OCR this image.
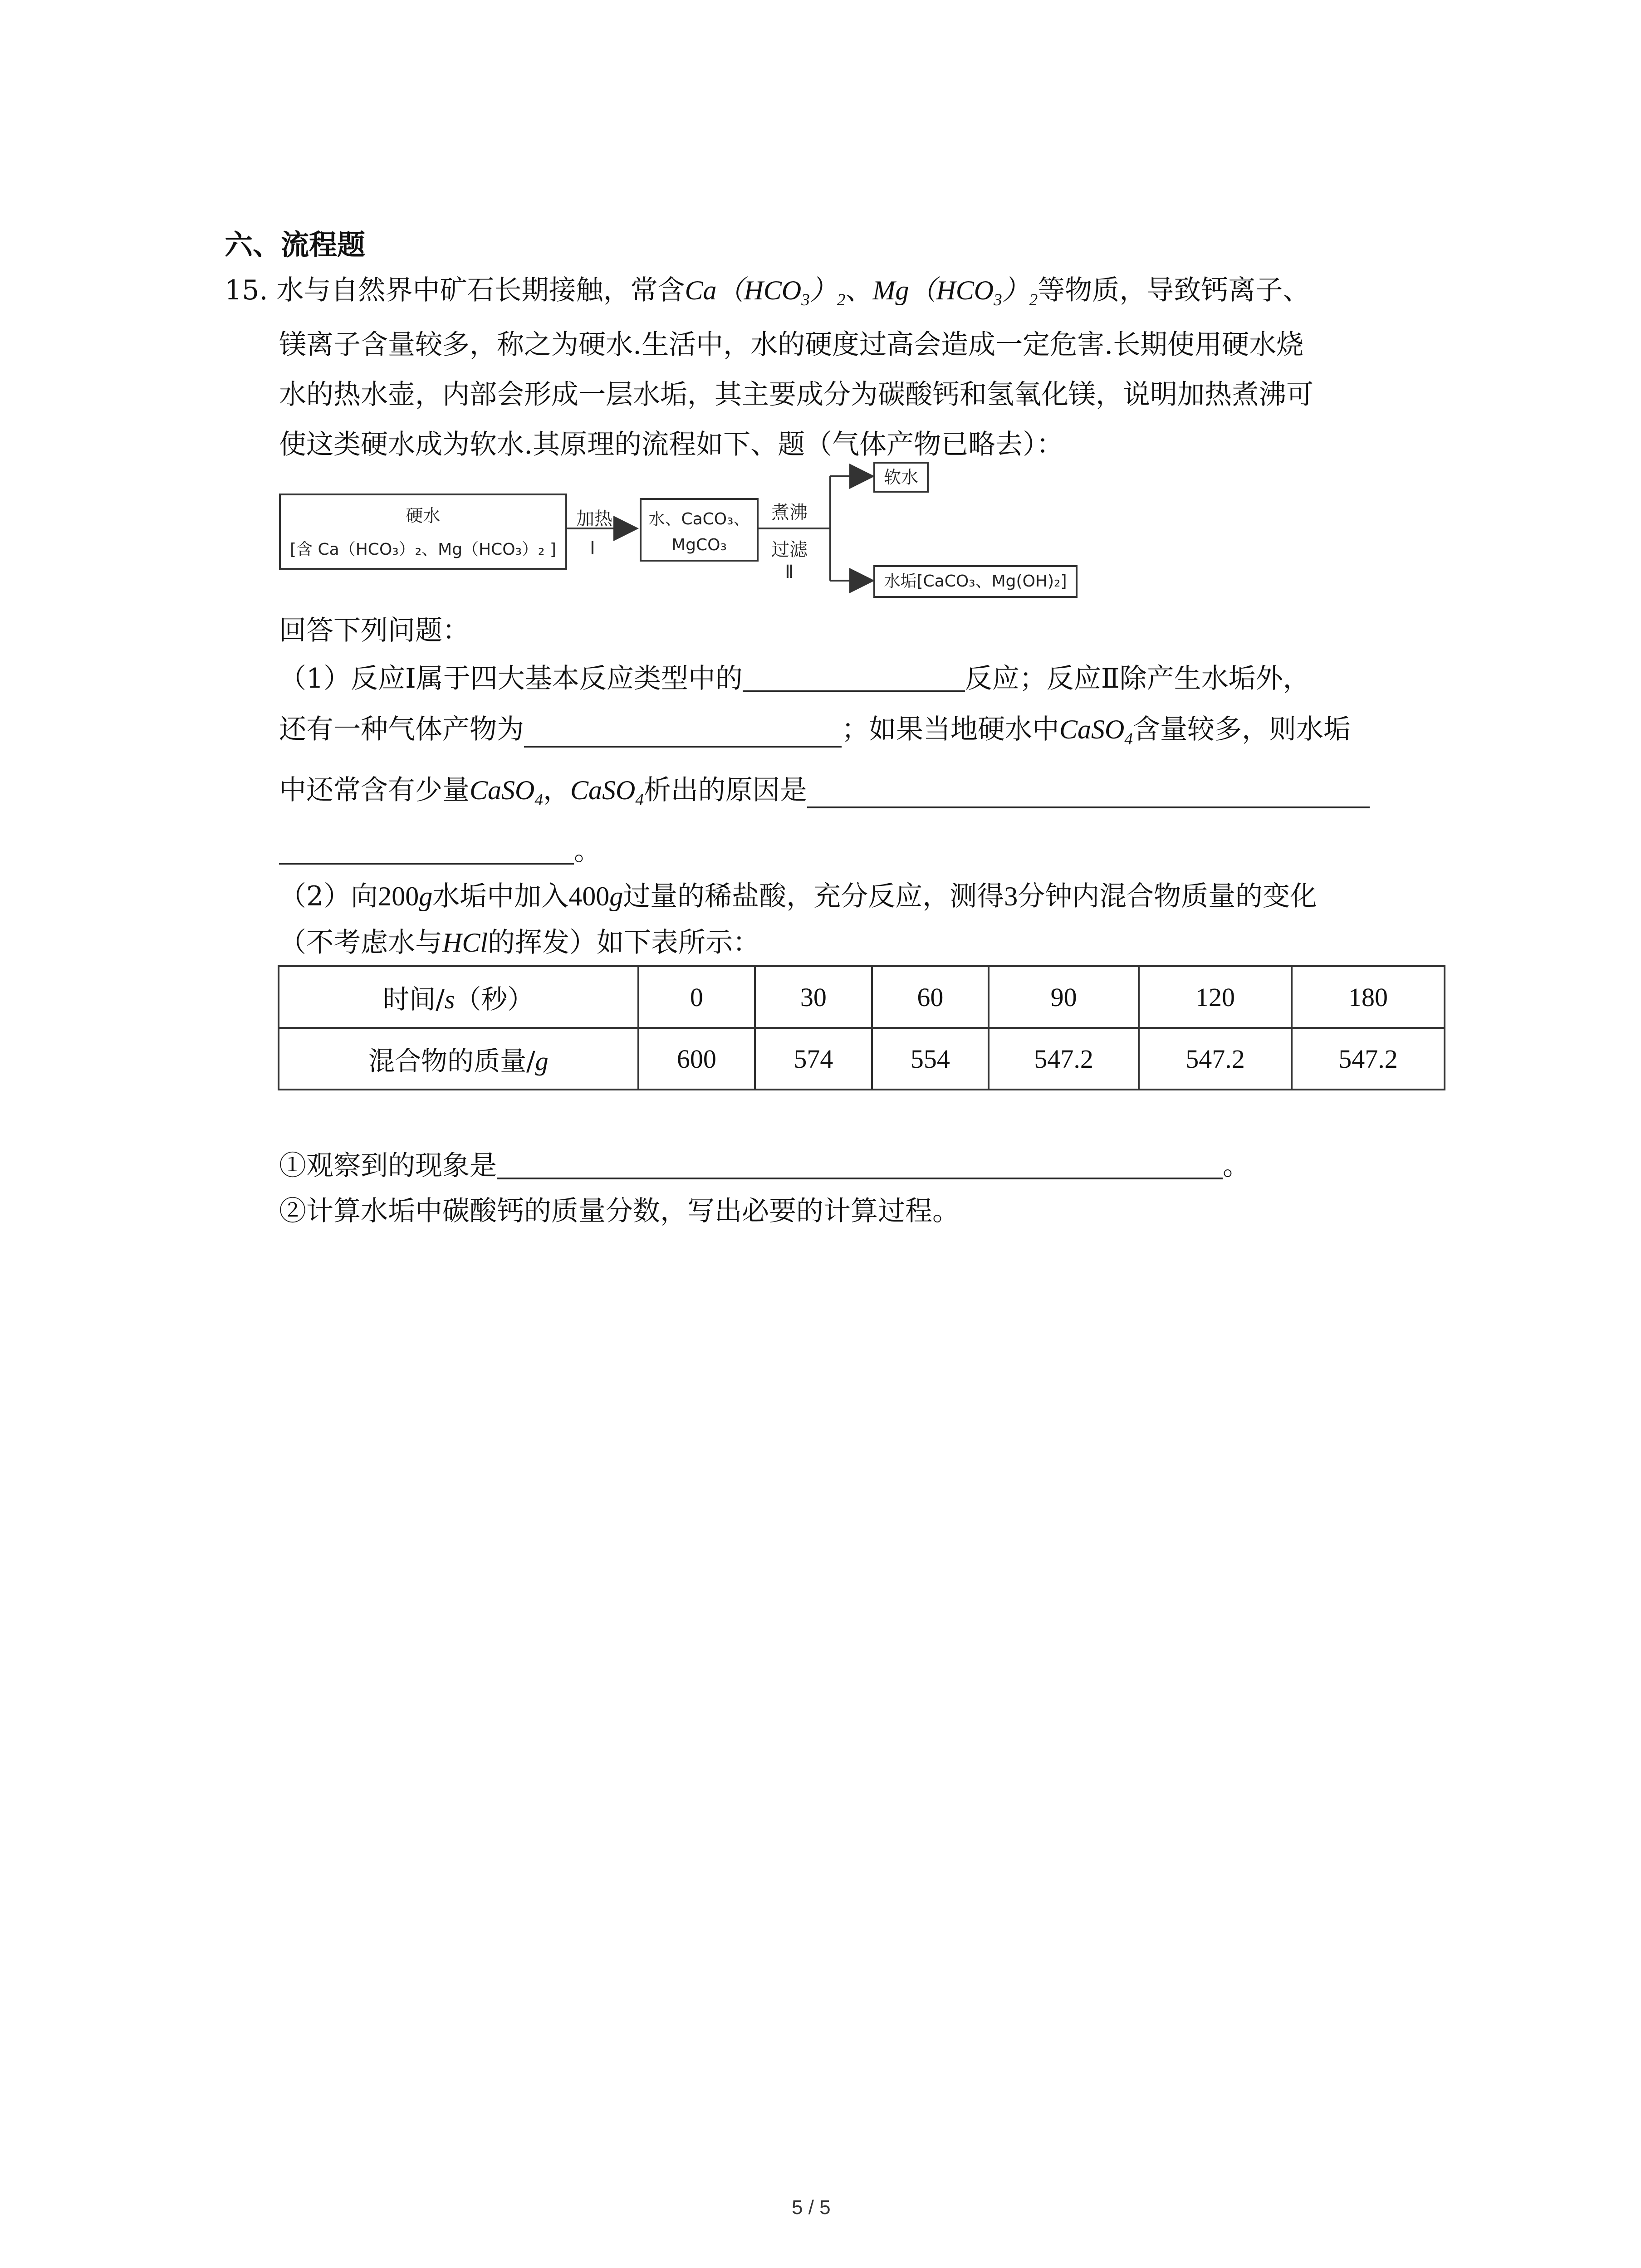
六、流程题
15. 水与自然界中矿石长期接触，常含$Ca(HCO_3)_2$、$Mg(HCO_3)_2$等物质，导致钙离子、
镁离子含量较多，称之为硬水.生活中，水的硬度过高会造成一定危害.长期使用硬水烧
水的热水壶，内部会形成一层水垢，其主要成分为碳酸钙和氢氧化镁，说明加热煮沸可
使这类硬水成为软水.其原理的流程如下、题（气体产物已略去）：
硬水
[含 Ca（HCO₃）₂、Mg（HCO₃）₂ ]
加热
Ⅰ
水、CaCO₃、
MgCO₃
煮沸
过滤
Ⅱ
软水
水垢[CaCO₃、Mg(OH)₂]
回答下列问题：
（1）反应Ⅰ属于四大基本反应类型中的	反应；反应Ⅱ除产生水垢外，
还有一种气体产物为	；如果当地硬水中CaSO$_4$含量较多，则水垢
中还常含有少量CaSO$_4$，CaSO$_4$析出的原因是
。
（2）向200g水垢中加入400g过量的稀盐酸，充分反应，测得3分钟内混合物质量的变化
（不考虑水与HCl的挥发）如下表所示：
时间/s（秒）	0	30	60	90	120	180
混合物的质量/g	600	574	554	547.2	547.2	547.2
①观察到的现象是	。
②计算水垢中碳酸钙的质量分数，写出必要的计算过程。
5 / 5
